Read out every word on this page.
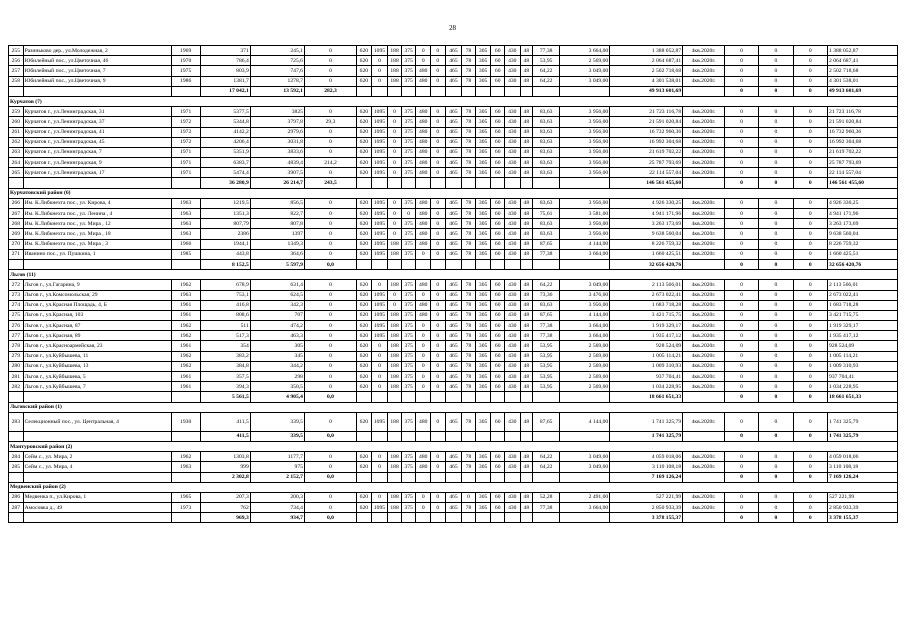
28
255	Разиньково дер., ул.Молодежная, 2	1969	371	245,1	0	620	1095	188	375	0	0	465	78	305	60	430	48	77,38	3 664,00	1 388 052,87	4кв.2020г.	0	0	0	1 388 052,87
256	Юбилейный пос., ул.Цветочная, 46	1970	786,4	725,6	0	620	0	188	375	0	0	465	78	305	60	430	48	53,95	2 569,00	2 064 687,41	4кв.2020г.	0	0	0	2 064 687,41
257	Юбилейный пос., ул.Цветочная, 7	1975	803,9	747,6	0	620	0	188	375	480	0	465	78	305	60	430	48	64,22	3 049,00	2 502 718,68	4кв.2020г.	0	0	0	2 502 718,68
258	Юбилейный пос., ул.Цветочная, 9	1986	1381,7	1278,7	0	620	0	188	375	480	0	465	78	305	60	430	48	64,22	3 049,00	4 301 538,01	4кв.2020г.	0	0	0	4 301 538,01
			17 042,1	13 592,1	282,3															49 913 601,69		0	0	0	49 913 601,69
Курчатов (7)																									
259	Курчатов г., ул.Ленинградская, 31	1971	5377,5	3825	0	620	1095	0	375	480	0	465	78	305	60	430	48	83,63	3 956,00	21 723 116,78	4кв.2020г.	0	0	0	21 723 116,78
260	Курчатов г., ул.Ленинградская, 37	1972	5344,8	3797,8	29,3	620	1095	0	375	480	0	465	78	305	60	430	48	83,63	3 956,00	21 591 020,84	4кв.2020г.	0	0	0	21 591 020,84
261	Курчатов г., ул.Ленинградская, 41	1972	4142,2	2979,6	0	620	1095	0	375	480	0	465	78	305	60	430	48	83,63	3 956,00	16 732 960,36	4кв.2020г.	0	0	0	16 732 960,36
262	Курчатов г., ул.Ленинградская, 45	1972	4206,4	3031,8	0	620	1095	0	375	480	0	465	78	305	60	430	48	83,63	3 956,00	16 992 304,68	4кв.2020г.	0	0	0	16 992 304,68
263	Курчатов г., ул.Ленинградская, 7	1971	5351,9	3833,6	0	620	1095	0	375	480	0	465	78	305	60	430	48	83,63	3 956,00	21 619 702,22	4кв.2020г.	0	0	0	21 619 702,22
264	Курчатов г., ул.Ленинградская, 9	1971	6383,7	4839,4	214,2	620	1095	0	375	480	0	465	78	305	60	430	48	83,63	3 956,00	25 787 793,69	4кв.2020г.	0	0	0	25 787 793,69
265	Курчатов г., ул.Ленинградская, 17	1971	5474,4	3907,5	0	620	1095	0	375	480	0	465	78	305	60	430	48	83,63	3 956,00	22 114 557,04	4кв.2020г.	0	0	0	22 114 557,04
			36 280,9	26 214,7	243,5															146 561 455,60		0	0	0	146 561 455,60
Курчатовский район (6)																									
266	Им. К.Либкнехта пос., ул. Кирова, 4	1963	1219,5	856,5	0	620	1095	0	375	480	0	465	78	305	60	430	48	83,63	3 956,00	4 926 330,25	4кв.2020г.	0	0	0	4 926 330,25
267	Им. К.Либкнехта пос., ул. Ленина , 4	1963	1351,3	822,7	0	620	1095	0	0	480	0	465	78	305	60	430	48	75,61	3 581,00	4 941 171,96	4кв.2020г.	0	0	0	4 941 171,96
268	Им. К.Либкнехта пос., ул. Мира , 12	1963	807,79	807,8	0	620	1095	0	375	480	0	465	78	305	60	430	48	83,63	3 956,00	3 263 173,69	4кв.2020г.	0	0	0	3 263 173,69
269	Им. К.Либкнехта пос., ул. Мира , 18	1963	2386	1397	0	620	1095	0	375	480	0	465	78	305	60	430	48	83,63	3 956,00	9 638 560,04	4кв.2020г.	0	0	0	9 638 560,04
270	Им. К.Либкнехта пос., ул. Мира , 3	1966	1944,1	1349,3	0	620	1095	188	375	480	0	465	78	305	60	430	48	87,65	4 144,00	8 226 759,32	4кв.2020г.	0	0	0	8 226 759,32
271	Иванино пос., ул. Пушкина, 1	1985	443,8	364,6	0	620	1095	188	375	0	0	465	78	305	60	430	48	77,38	3 664,00	1 660 425,51	4кв.2020г.	0	0	0	1 660 425,51
			8 152,5	5 597,9	0,0															32 656 420,76		0	0	0	32 656 420,76
Льгов (11)																									
272	Льгов г., ул.Гагарина, 9	1962	678,9	631,4	0	620	0	188	375	480	0	465	78	305	60	430	48	64,22	3 049,00	2 113 566,01	4кв.2020г.	0	0	0	2 113 566,01
273	Льгов г., ул.Комсомольская, 29	1963	753,1	624,5	0	620	1095	0	375	0	0	465	78	305	60	430	48	73,36	3 476,00	2 673 022,41	4кв.2020г.	0	0	0	2 673 022,41
274	Льгов г., ул.Красная Площадь, 4, Б	1961	416,8	342,3	0	620	1095	0	375	480	0	465	78	305	60	430	48	83,63	3 956,00	1 683 718,28	4кв.2020г.	0	0	0	1 683 718,28
275	Льгов г., ул.Красная, 103	1961	808,6	707	0	620	1095	188	375	480	0	465	78	305	60	430	48	87,65	4 144,00	3 421 715,75	4кв.2020г.	0	0	0	3 421 715,75
276	Льгов г., ул.Красная, 87	1962	511	474,2	0	620	1095	188	375	0	0	465	78	305	60	430	48	77,38	3 664,00	1 919 329,17	4кв.2020г.	0	0	0	1 919 329,17
277	Льгов г., ул.Красная, 89	1962	517,3	463,3	0	620	1095	188	375	0	0	465	78	305	60	430	48	77,38	3 664,00	1 935 417,12	4кв.2020г.	0	0	0	1 935 417,12
278	Льгов г., ул.Красноармейская, 23	1961	354	305	0	620	0	188	375	0	0	465	78	305	60	430	48	53,95	2 569,00	928 524,09	4кв.2020г.	0	0	0	928 524,09
279	Льгов г., ул.Куйбышева, 11	1962	383,2	345	0	620	0	188	375	0	0	465	78	305	60	430	48	53,95	2 569,00	1 005 114,21	4кв.2020г.	0	0	0	1 005 114,21
280	Льгов г., ул.Куйбышева, 13	1962	384,8	344,2	0	620	0	188	375	0	0	465	78	305	60	430	48	53,95	2 569,00	1 009 310,93	4кв.2020г.	0	0	0	1 009 310,93
281	Льгов г., ул.Куйбышева, 5	1961	357,5	298	0	620	0	188	375	0	0	465	78	305	60	430	48	53,95	2 569,00	937 704,41	4кв.2020г.	0	0	0	937 704,41
282	Льгов г., ул.Куйбышева, 7	1961	394,3	350,5	0	620	0	188	375	0	0	465	78	305	60	430	48	53,95	2 569,00	1 034 228,95	4кв.2020г.	0	0	0	1 034 228,95
			5 561,5	4 905,4	0,0															18 661 651,33		0	0	0	18 661 651,33
Льговский район (1)																									
283	Селекционный пос., ул. Центральная, 4	1930	411,5	339,5	0	620	1095	188	375	480	0	465	78	305	60	430	48	87,65	4 144,00	1 741 325,79	4кв.2020г.	0	0	0	1 741 325,79
			411,5	339,5	0,0															1 741 325,79		0	0	0	1 741 325,79
Мантуровский район (2)																									
284	Сейм с., ул. Мира, 2	1962	1303,8	1177,7	0	620	0	188	375	480	0	465	78	305	60	430	48	64,22	3 049,00	4 059 018,06	4кв.2020г.	0	0	0	4 059 018,06
285	Сейм с., ул. Мира, 4	1963	999	975	0	620	0	188	375	480	0	465	78	305	60	430	48	64,22	3 049,00	3 110 108,18	4кв.2020г.	0	0	0	3 110 108,18
			2 302,8	2 152,7	0,0															7 169 126,24		0	0	0	7 169 126,24
Медвенский район (2)																									
286	Медвенка п., ул.Кирова, 1	1965	207,3	200,3	0	620	0	188	375	0	0	465	0	305	60	430	48	52,28	2 491,00	527 221,99	4кв.2020г.	0	0	0	527 221,99
287	Амосовка д., 49	1973	762	734,4	0	620	1095	188	375	0	0	465	78	305	60	430	48	77,38	3 664,00	2 850 933,39	4кв.2020г.	0	0	0	2 850 933,39
			969,3	934,7	0,0															3 378 155,37		0	0	0	3 378 155,37
